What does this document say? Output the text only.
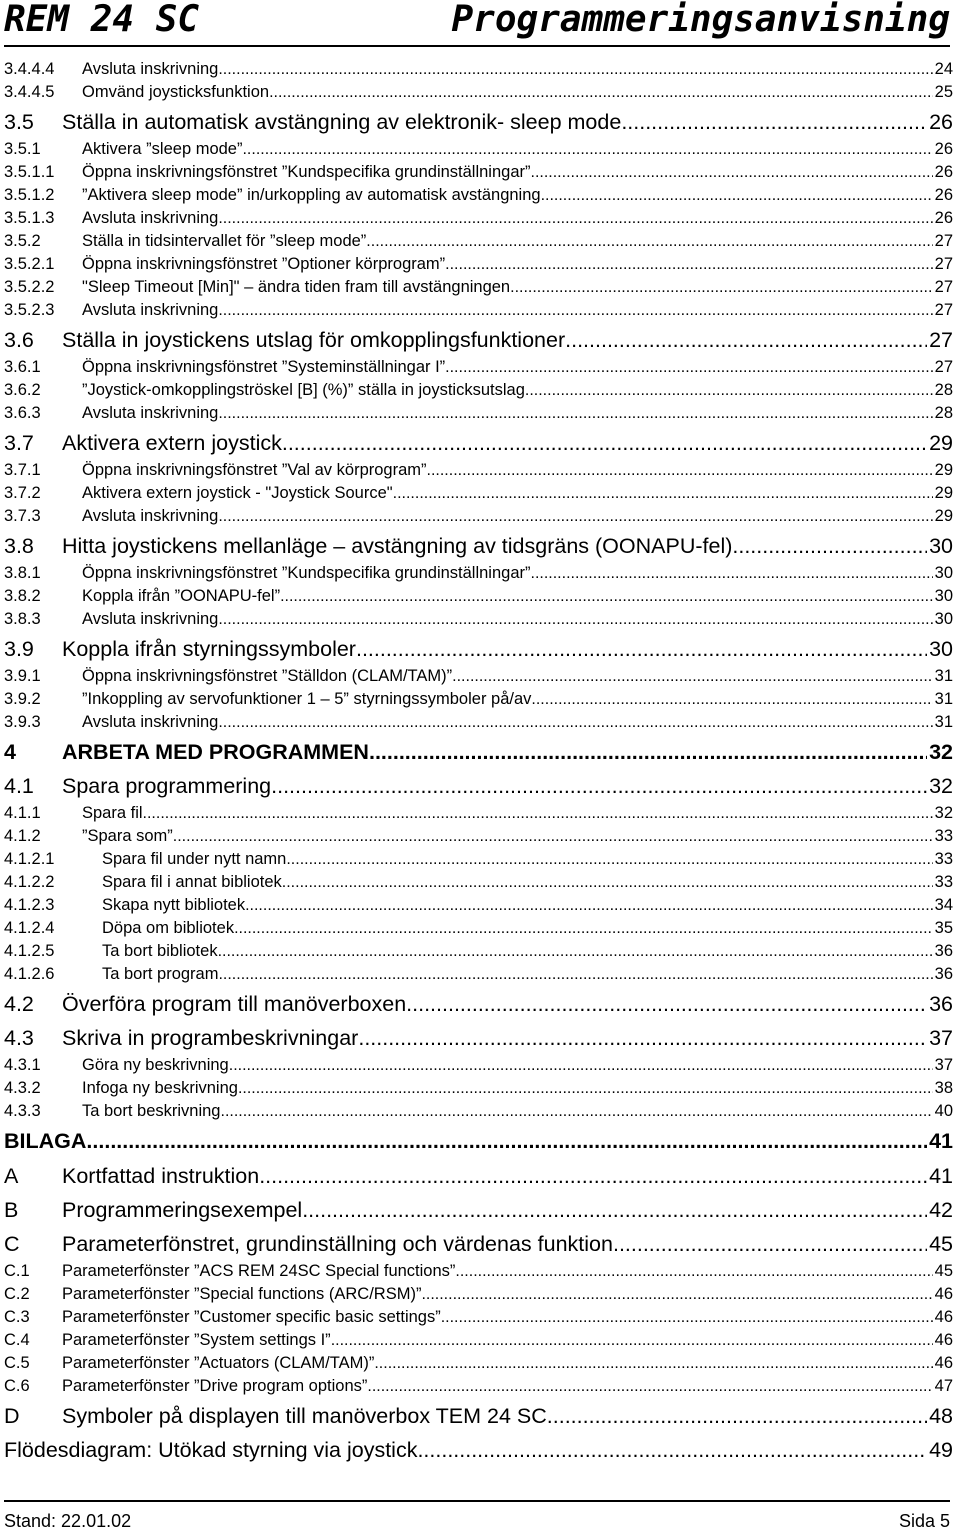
REM 24 SC	Programmeringsanvisning
3.4.4.4	Avsluta inskrivning .....	24
3.4.4.5	Omvänd joysticksfunktion .....	25
3.5	Ställa in automatisk avstängning av elektronik- sleep mode .....	26
3.5.1	Aktivera ”sleep mode” .....	26
3.5.1.1	Öppna inskrivningsfönstret ”Kundspecifika grundinställningar” .....	26
3.5.1.2	”Aktivera sleep mode” in/urkoppling av automatisk avstängning .....	26
3.5.1.3	Avsluta inskrivning .....	26
3.5.2	Ställa in tidsintervallet för ”sleep mode” .....	27
3.5.2.1	Öppna inskrivningsfönstret ”Optioner körprogram” .....	27
3.5.2.2	"Sleep Timeout [Min]" – ändra tiden fram till avstängningen .....	27
3.5.2.3	Avsluta inskrivning .....	27
3.6	Ställa in joystickens utslag för omkopplingsfunktioner .....	27
3.6.1	Öppna inskrivningsfönstret ”Systeminställningar I” .....	27
3.6.2	”Joystick-omkopplingströskel [B] (%)” ställa in joysticksutslag .....	28
3.6.3	Avsluta inskrivning .....	28
3.7	Aktivera extern joystick .....	29
3.7.1	Öppna inskrivningsfönstret ”Val av körprogram” .....	29
3.7.2	Aktivera extern joystick - "Joystick Source" .....	29
3.7.3	Avsluta inskrivning .....	29
3.8	Hitta joystickens mellanläge – avstängning av tidsgräns (OONAPU-fel) .....	30
3.8.1	Öppna inskrivningsfönstret ”Kundspecifika grundinställningar” .....	30
3.8.2	Koppla ifrån ”OONAPU-fel” .....	30
3.8.3	Avsluta inskrivning .....	30
3.9	Koppla ifrån styrningssymboler .....	30
3.9.1	Öppna inskrivningsfönstret ”Ställdon (CLAM/TAM)” .....	31
3.9.2	”Inkoppling av servofunktioner 1 – 5” styrningssymboler på/av .....	31
3.9.3	Avsluta inskrivning .....	31
4	ARBETA MED PROGRAMMEN .....	32
4.1	Spara programmering .....	32
4.1.1	Spara fil .....	32
4.1.2	”Spara som” .....	33
4.1.2.1	Spara fil under nytt namn .....	33
4.1.2.2	Spara fil i annat bibliotek .....	33
4.1.2.3	Skapa nytt bibliotek .....	34
4.1.2.4	Döpa om bibliotek .....	35
4.1.2.5	Ta bort bibliotek .....	36
4.1.2.6	Ta bort program .....	36
4.2	Överföra program till manöverboxen .....	36
4.3	Skriva in programbeskrivningar .....	37
4.3.1	Göra ny beskrivning .....	37
4.3.2	Infoga ny beskrivning .....	38
4.3.3	Ta bort beskrivning .....	40
BILAGA .....	41
A	Kortfattad instruktion .....	41
B	Programmeringsexempel .....	42
C	Parameterfönstret, grundinställning och värdenas funktion .....	45
C.1	Parameterfönster ”ACS REM 24SC Special functions” .....	45
C.2	Parameterfönster ”Special functions (ARC/RSM)” .....	46
C.3	Parameterfönster ”Customer specific basic settings” .....	46
C.4	Parameterfönster ”System settings I” .....	46
C.5	Parameterfönster ”Actuators (CLAM/TAM)” .....	46
C.6	Parameterfönster ”Drive program options” .....	47
D	Symboler på displayen till manöverbox TEM 24 SC .....	48
Flödesdiagram: Utökad styrning via joystick .....	49
Stand: 22.01.02	Sida 5
